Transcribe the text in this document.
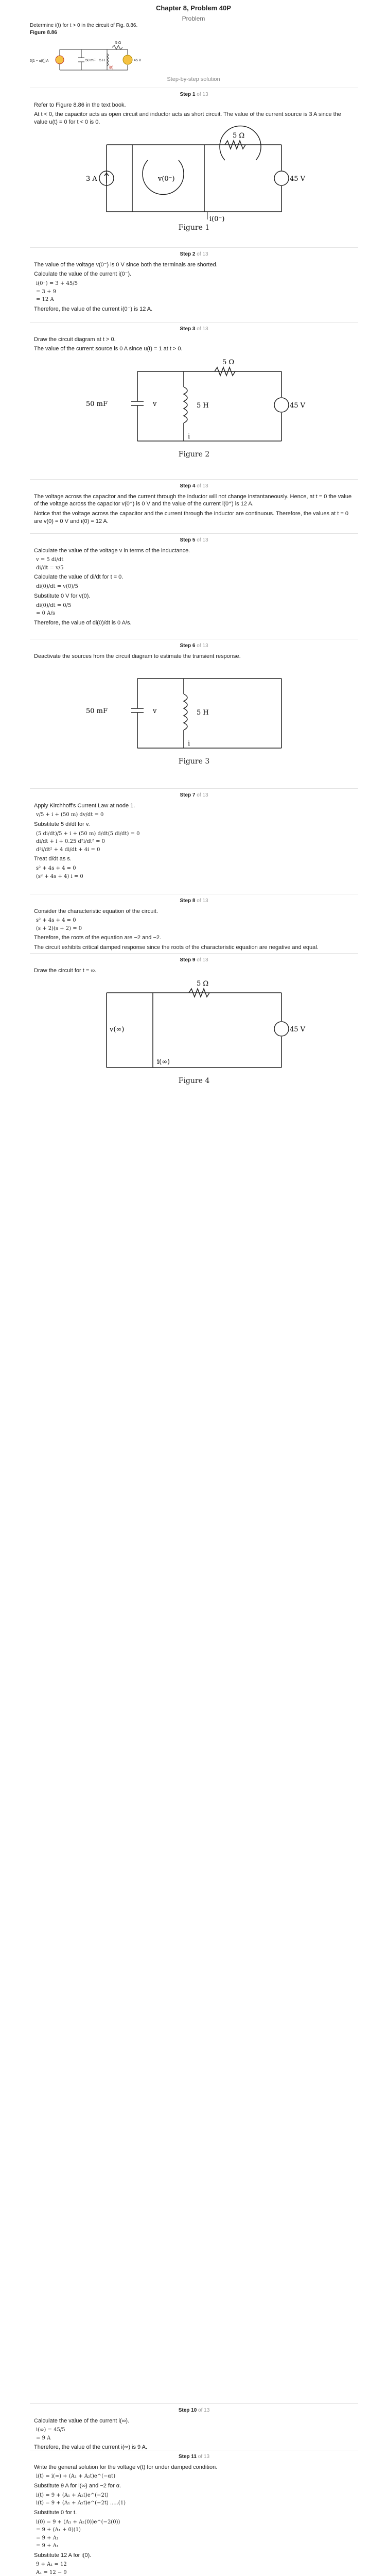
Chapter 8, Problem 40P
Problem
Determine i(t) for t > 0 in the circuit of Fig. 8.86.
Figure 8.86
3[1 − u(t)] A	50 mF 5 H
5 Ω
45 V
i(t)
Step-by-step solution
Step 1 of 13

Refer to Figure 8.86 in the text book.

At t < 0, the capacitor acts as open circuit and inductor acts as short circuit. The value of the current source is 3 A since the value u(t) = 0 for t < 0 is 0.

3 A
5 Ω
v(0⁻)
i(0⁻)
45 V
Figure 1
Step 2 of 13

The value of the voltage v(0⁻) is 0 V since both the terminals are shorted.

Calculate the value of the current i(0⁻).

i(0⁻) = 3 + 45/5
= 3 + 9
= 12 A

Therefore, the value of the current i(0⁻) is 12 A.

Step 3 of 13

Draw the circuit diagram at t > 0.

The value of the current source is 0 A since u(t) = 1 at t > 0.

50 mF	5 H
5 Ω
45 V
v
i
Figure 2
Step 4 of 13

The voltage across the capacitor and the current through the inductor will not change instantaneously. Hence, at t = 0 the value of the voltage across the capacitor v(0⁺) is 0 V and the value of the current i(0⁺) is 12 A.

Notice that the voltage across the capacitor and the current through the inductor are continuous. Therefore, the values at t = 0 are v(0) = 0 V and i(0) = 12 A.

Step 5 of 13

Calculate the value of the voltage v in terms of the inductance.

v = 5 di/dt
di/dt = v/5

Calculate the value of di/dt for t = 0.

di(0)/dt = v(0)/5

Substitute 0 V for v(0).

di(0)/dt = 0/5
= 0 A/s

Therefore, the value of di(0)/dt is 0 A/s.

Step 6 of 13

Deactivate the sources from the circuit diagram to estimate the transient response.

50 mF	5 H
v
i
Figure 3
Step 7 of 13

Apply Kirchhoff's Current Law at node 1.

v/5 + i + (50 m) dv/dt = 0

Substitute 5 di/dt for v.

(5 di/dt)/5 + i + (50 m) d/dt(5 di/dt) = 0
di/dt + i + 0.25 d²i/dt² = 0
d²i/dt² + 4 di/dt + 4i = 0

Treat d/dt as s.

s² + 4s + 4 = 0
(s² + 4s + 4) i = 0
Step 8 of 13

Consider the characteristic equation of the circuit.

s² + 4s + 4 = 0
(s + 2)(s + 2) = 0

Therefore, the roots of the equation are −2 and −2.

The circuit exhibits critical damped response since the roots of the characteristic equation are negative and equal.

Step 9 of 13

Draw the circuit for t = ∞.

5 Ω
45 V
v(∞)
i(∞)
Figure 4
Step 10 of 13

Calculate the value of the current i(∞).

i(∞) = 45/5
= 9 A

Therefore, the value of the current i(∞) is 9 A.

Step 11 of 13

Write the general solution for the voltage v(t) for under damped condition.

i(t) = i(∞) + (A₁ + A₂t)e^(−αt)

Substitute 9 A for i(∞) and −2 for α.

i(t) = 9 + (A₁ + A₂t)e^(−2t)
i(t) = 9 + (A₁ + A₂t)e^(−2t) .....(1)

Substitute 0 for t.

i(0) = 9 + (A₁ + A₂(0))e^(−2(0))
= 9 + (A₁ + 0)(1)
= 9 + A₁
= 9 + A₁

Substitute 12 A for i(0).

9 + A₁ = 12
A₁ = 12 − 9
